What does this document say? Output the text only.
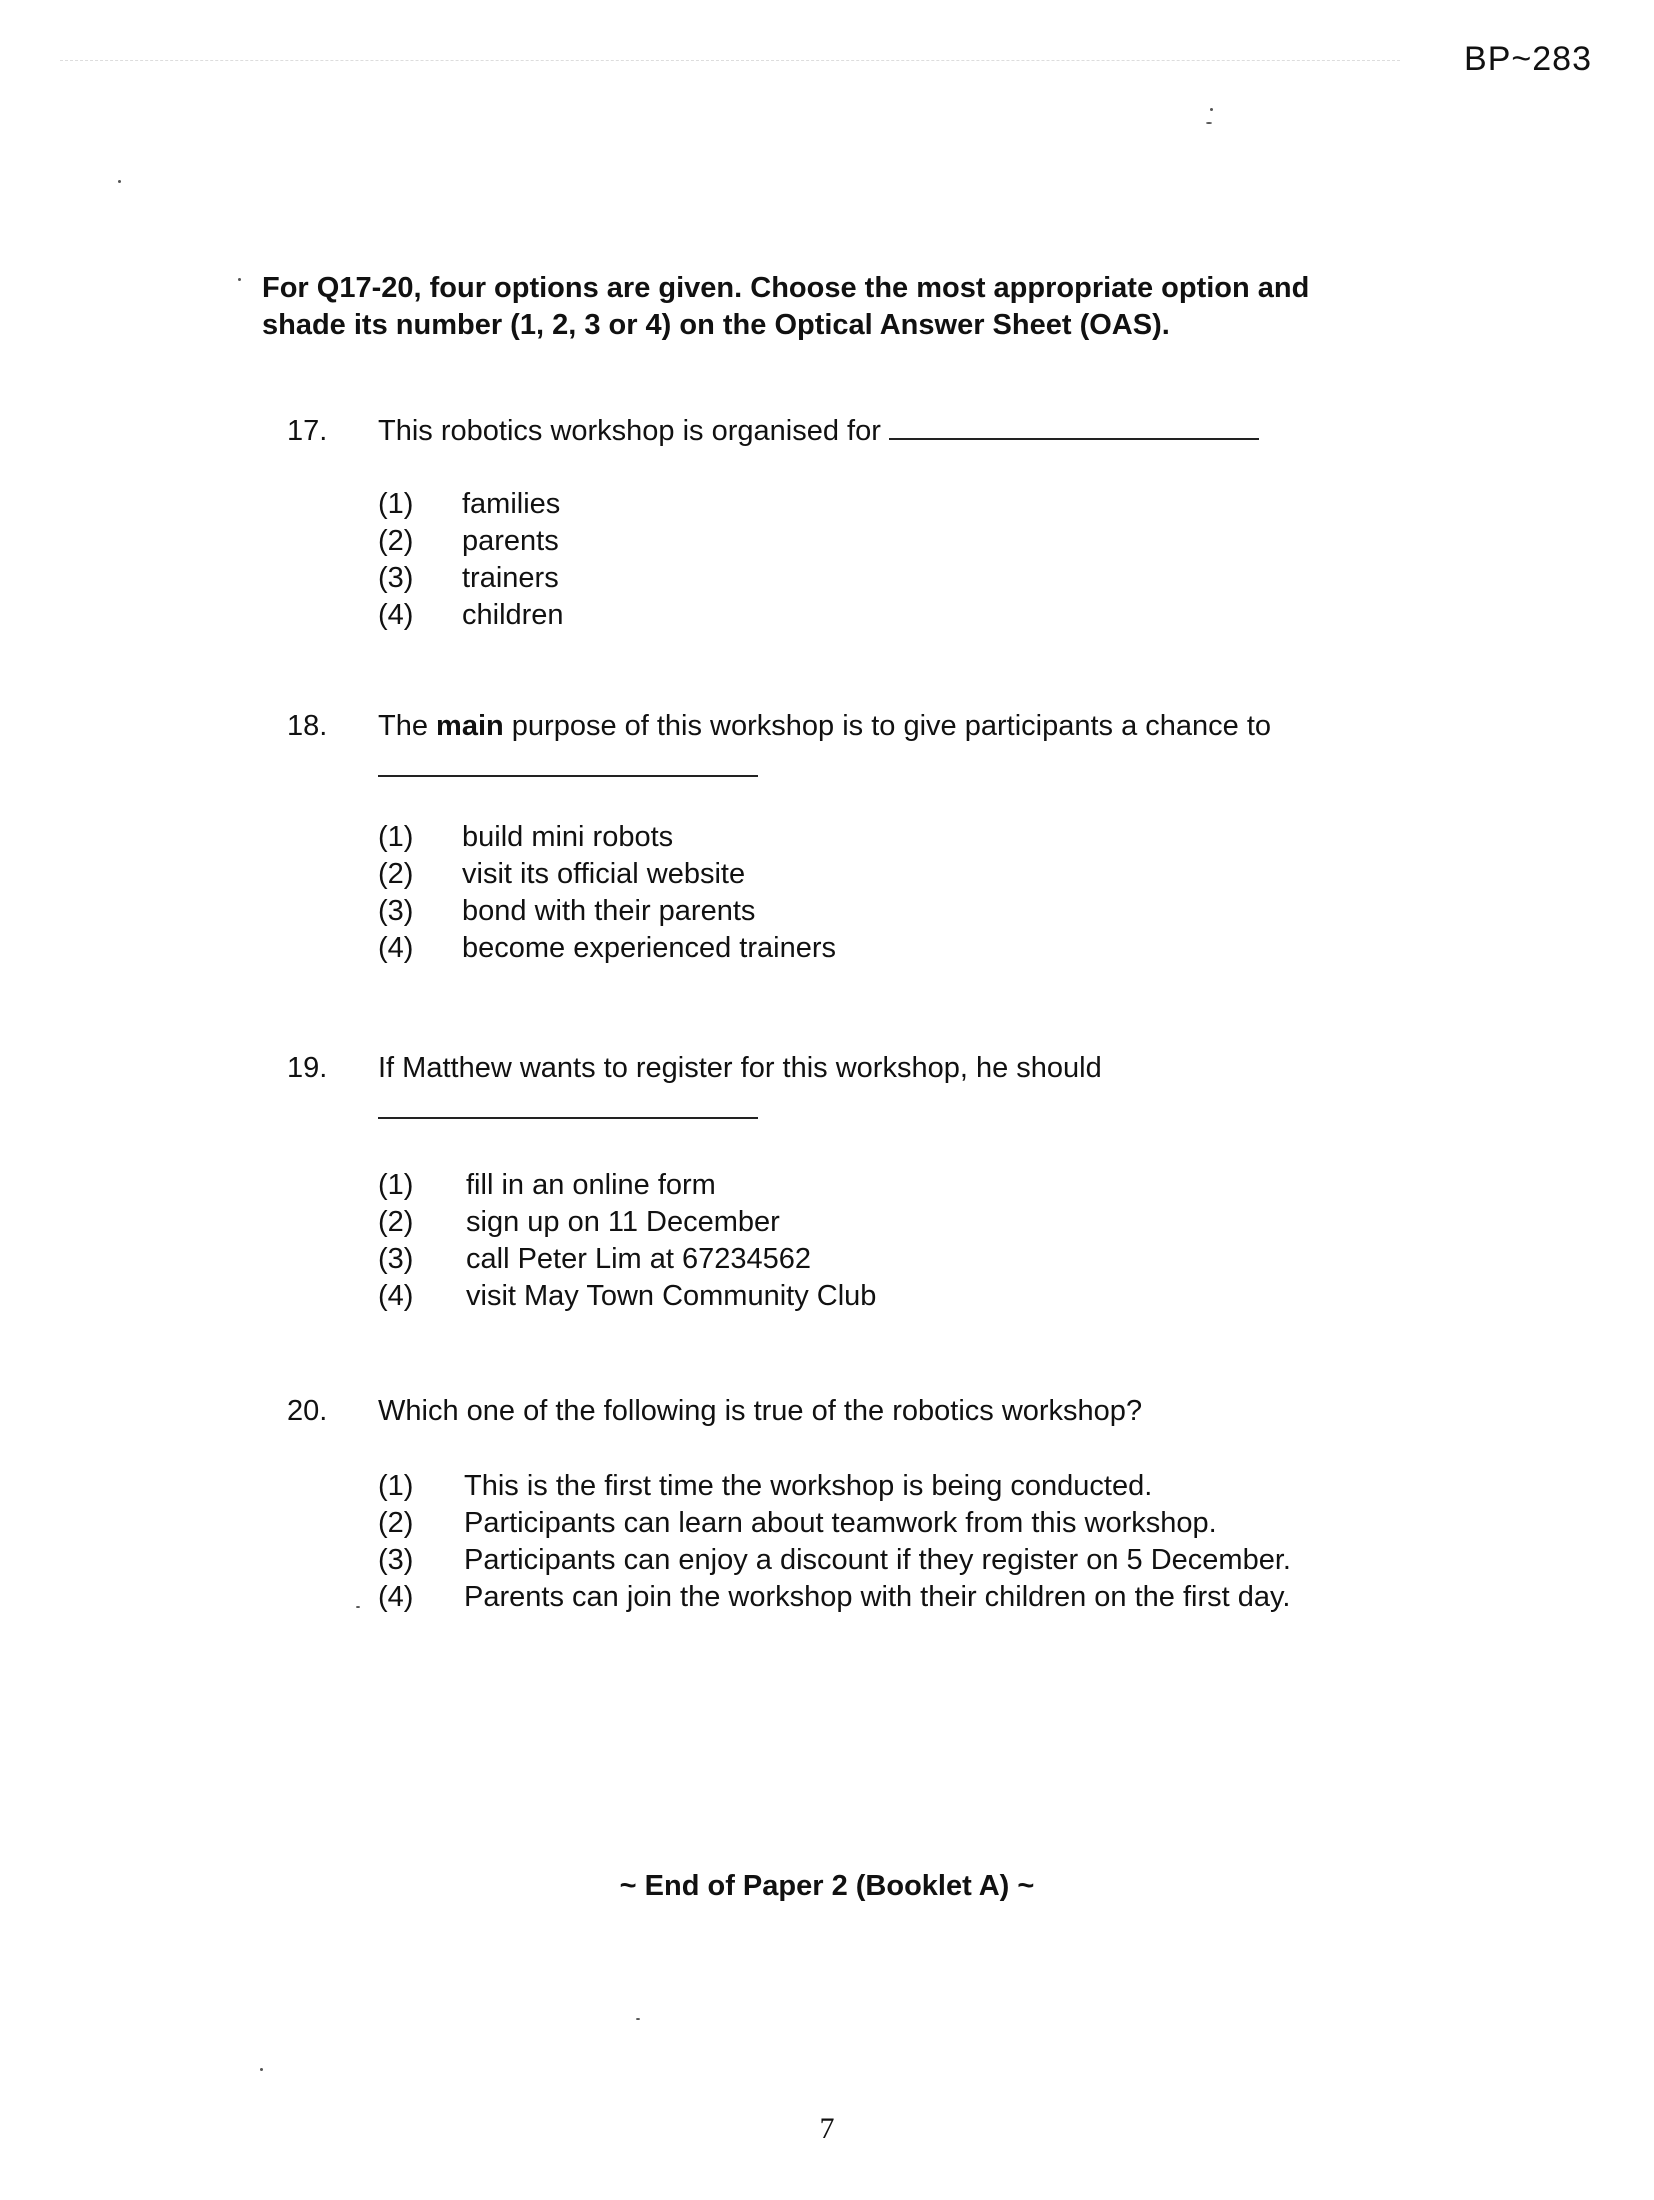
BP~283
For Q17-20, four options are given. Choose the most appropriate option and
shade its number (1, 2, 3 or 4) on the Optical Answer Sheet (OAS).
17.	This robotics workshop is organised for
(1)	families
(2)	parents
(3)	trainers
(4)	children
18.	The main purpose of this workshop is to give participants a chance to
(1)	build mini robots
(2)	visit its official website
(3)	bond with their parents
(4)	become experienced trainers
19.	If Matthew wants to register for this workshop, he should
(1)	fill in an online form
(2)	sign up on 11 December
(3)	call Peter Lim at 67234562
(4)	visit May Town Community Club
20.	Which one of the following is true of the robotics workshop?
(1)	This is the first time the workshop is being conducted.
(2)	Participants can learn about teamwork from this workshop.
(3)	Participants can enjoy a discount if they register on 5 December.
(4)	Parents can join the workshop with their children on the first day.
~ End of Paper 2 (Booklet A) ~
7
